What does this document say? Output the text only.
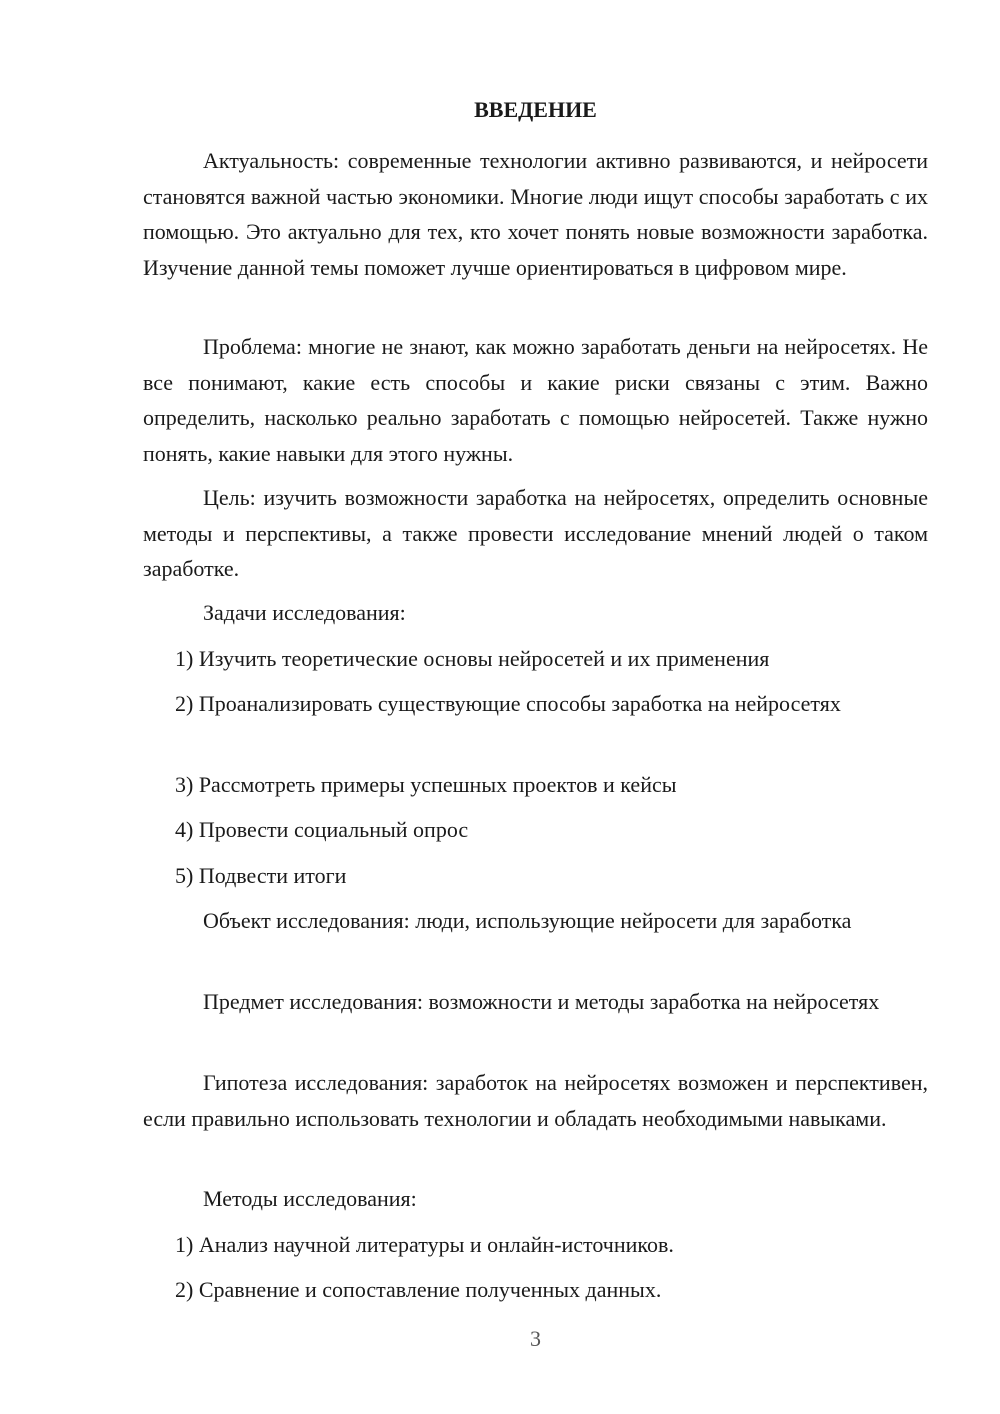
ВВЕДЕНИЕ

Актуальность: современные технологии активно развиваются, и нейросети становятся важной частью экономики. Многие люди ищут способы заработать с их помощью. Это актуально для тех, кто хочет понять новые возможности заработка. Изучение данной темы поможет лучше ориентироваться в цифровом мире.

Проблема: многие не знают, как можно заработать деньги на нейросетях. Не все понимают, какие есть способы и какие риски связаны с этим. Важно определить, насколько реально заработать с помощью нейросетей. Также нужно понять, какие навыки для этого нужны.

Цель: изучить возможности заработка на нейросетях, определить основные методы и перспективы, а также провести исследование мнений людей о таком заработке.

Задачи исследования:

1) Изучить теоретические основы нейросетей и их применения

2) Проанализировать существующие способы заработка на нейросетях

3) Рассмотреть примеры успешных проектов и кейсы

4) Провести социальный опрос

5) Подвести итоги

Объект исследования: люди, использующие нейросети для заработка

Предмет исследования: возможности и методы заработка на нейросетях

Гипотеза исследования: заработок на нейросетях возможен и перспективен, если правильно использовать технологии и обладать необходимыми навыками.

Методы исследования:

1) Анализ научной литературы и онлайн-источников.

2) Сравнение и сопоставление полученных данных.

3
